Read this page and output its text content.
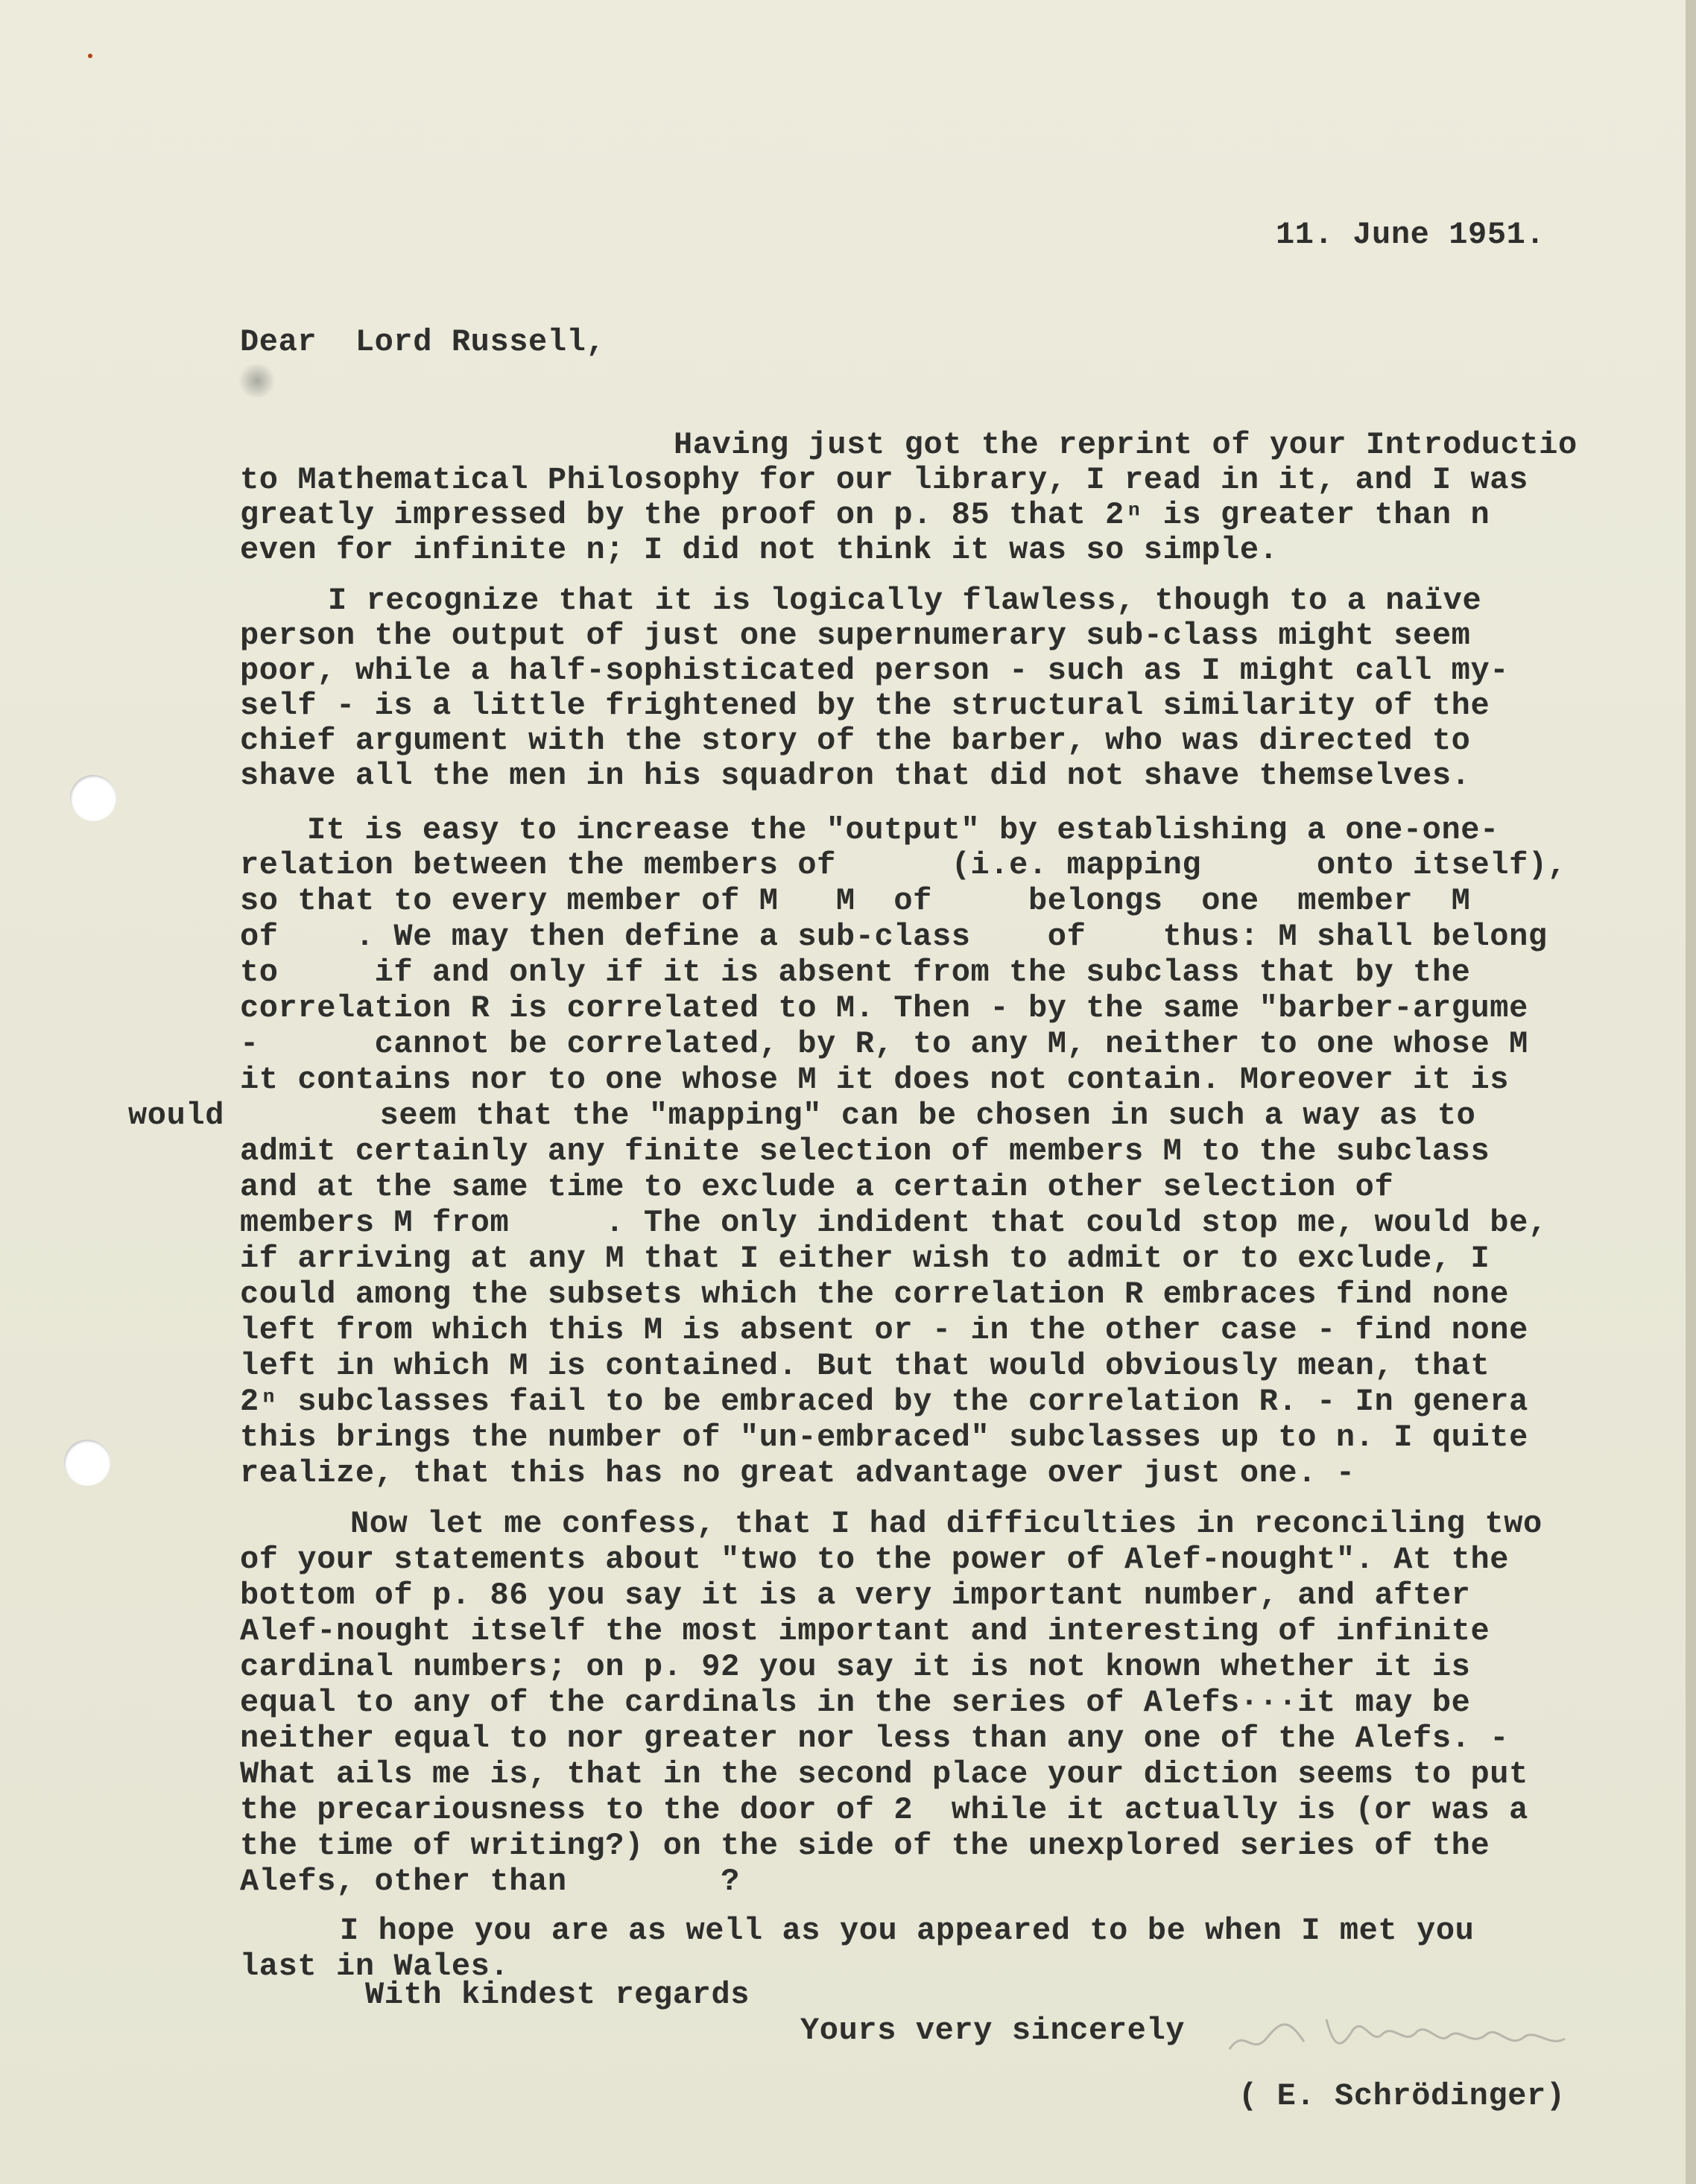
11. June 1951.
Dear  Lord Russell,
Having just got the reprint of your Introductio
to Mathematical Philosophy for our library, I read in it, and I was
greatly impressed by the proof on p. 85 that 2ⁿ is greater than n
even for infinite n; I did not think it was so simple.
I recognize that it is logically flawless, though to a naïve
person the output of just one supernumerary sub-class might seem
poor, while a half-sophisticated person - such as I might call my-
self - is a little frightened by the structural similarity of the
chief argument with the story of the barber, who was directed to
shave all the men in his squadron that did not shave themselves.
It is easy to increase the "output" by establishing a one-one-
relation between the members of      (i.e. mapping      onto itself),
so that to every member of M   M  of     belongs  one  member  M
of    . We may then define a sub-class    of    thus: M shall belong
to     if and only if it is absent from the subclass that by the
correlation R is correlated to M. Then - by the same "barber-argume
-      cannot be correlated, by R, to any M, neither to one whose M
it contains nor to one whose M it does not contain. Moreover it is
seem that the "mapping" can be chosen in such a way as to
admit certainly any finite selection of members M to the subclass
and at the same time to exclude a certain other selection of
members M from     . The only indident that could stop me, would be,
if arriving at any M that I either wish to admit or to exclude, I
could among the subsets which the correlation R embraces find none
left from which this M is absent or - in the other case - find none
left in which M is contained. But that would obviously mean, that
2ⁿ subclasses fail to be embraced by the correlation R. - In genera
this brings the number of "un-embraced" subclasses up to n. I quite
realize, that this has no great advantage over just one. -
Now let me confess, that I had difficulties in reconciling two
of your statements about "two to the power of Alef-nought". At the
bottom of p. 86 you say it is a very important number, and after
Alef-nought itself the most important and interesting of infinite
cardinal numbers; on p. 92 you say it is not known whether it is
equal to any of the cardinals in the series of Alefs···it may be
neither equal to nor greater nor less than any one of the Alefs. -
What ails me is, that in the second place your diction seems to put
the precariousness to the door of 2  while it actually is (or was a
the time of writing?) on the side of the unexplored series of the
Alefs, other than        ?
I hope you are as well as you appeared to be when I met you
last in Wales.
would
With kindest regards
Yours very sincerely
( E. Schrödinger)
